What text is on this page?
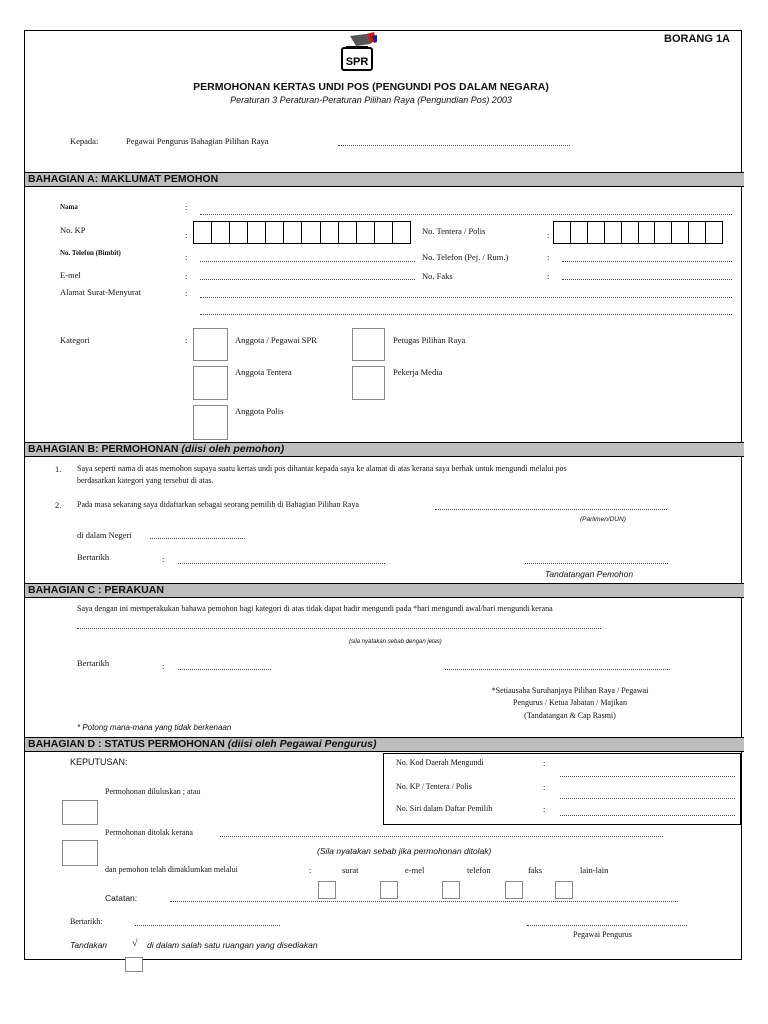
BORANG 1A
SPR
PERMOHONAN KERTAS UNDI POS (PENGUNDI POS DALAM NEGARA)
Peraturan 3 Peraturan-Peraturan Pilihan Raya (Pengundian Pos) 2003
Kepada:	Pegawai Pengurus Bahagian Pilihan Raya
BAHAGIAN A: MAKLUMAT PEMOHON
Nama	:
No. KP	:	No. Tentera / Polis	:
No. Telefon (Bimbit)	:	No. Telefon (Pej. / Rum.)	:
E-mel	:	No. Faks	:
Alamat Surat-Menyurat	:
Kategori	:	Anggota / Pegawai SPR	Petugas Pilihan Raya
Anggota Tentera	Pekerja Media
Anggota Polis
BAHAGIAN B: PERMOHONAN (diisi oleh pemohon)
1. Saya seperti nama di atas memohon supaya suatu kertas undi pos dihantar kepada saya ke alamat di atas kerana saya berhak untuk mengundi melalui pos
berdasarkan kategori yang tersebut di atas.
2. Pada masa sekarang saya didaftarkan sebagai seorang pemilih di Bahagian Pilihan Raya
(Parlimen/DUN)
di dalam Negeri
Bertarikh	:
Tandatangan Pemohon
BAHAGIAN C : PERAKUAN
Saya dengan ini memperakukan bahawa pemohon bagi kategori di atas tidak dapat hadir mengundi pada *hari mengundi awal/hari mengundi kerana
(sila nyatakan sebab dengan jelas)
Bertarikh	:
*Setiausaha Suruhanjaya Pilihan Raya / Pegawai
Pengurus / Ketua Jabatan / Majikan
(Tandatangan & Cap Rasmi)
* Potong mana-mana yang tidak berkenaan
BAHAGIAN D : STATUS PERMOHONAN (diisi oleh Pegawai Pengurus)
KEPUTUSAN:	No. Kod Daerah Mengundi	:
No. KP / Tentera / Polis	:
No. Siri dalam Daftar Pemilih	:
Permohonan diluluskan ; atau
Permohonan ditolak kerana
(Sila nyatakan sebab jika permohonan ditolak)
dan pemohon telah dimaklumkan melalui	:	surat	e-mel	telefon	faks	lain-lain
Catatan:
Bertarikh:
Pegawai Pengurus
Tandakan √ di dalam salah satu ruangan yang disediakan
